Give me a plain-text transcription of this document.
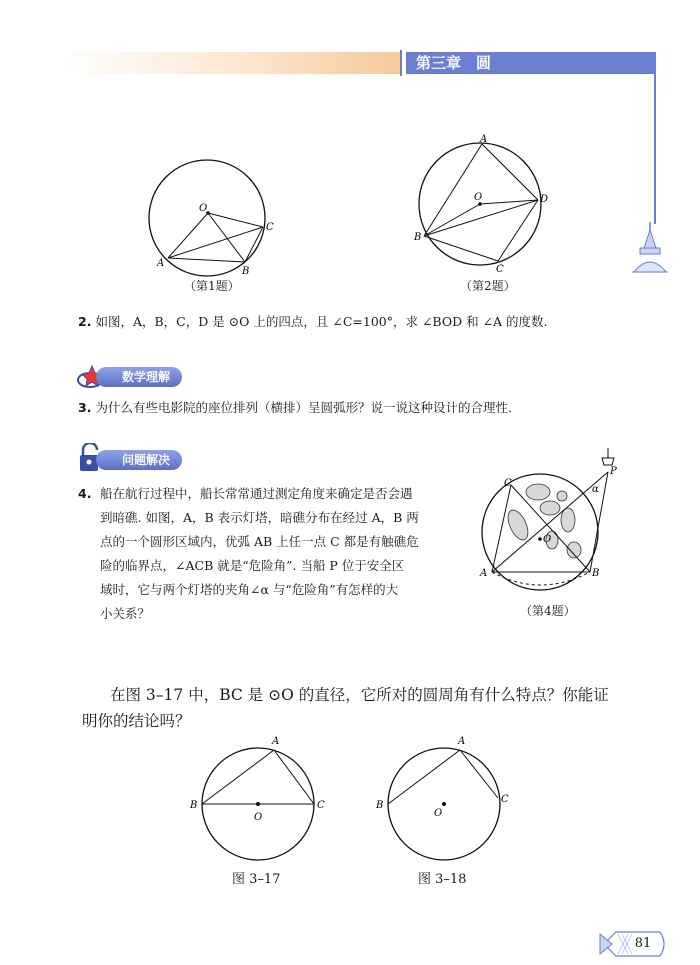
第三章　圆
O
A
B
C
（第1题）
A
O	D
B
C
（第2题）
2. 如图，A，B，C，D 是 ⊙O 上的四点，且 ∠C=100°，求 ∠BOD 和 ∠A 的度数.
数学理解
3. 为什么有些电影院的座位排列（横排）呈圆弧形？说一说这种设计的合理性.
问题解决
4. 船在航行过程中，船长常常通过测定角度来确定是否会遇
到暗礁. 如图，A，B 表示灯塔，暗礁分布在经过 A，B 两
点的一个圆形区域内，优弧 AB 上任一点 C 都是有触礁危
险的临界点，∠ACB 就是“危险角”. 当船 P 位于安全区
域时，它与两个灯塔的夹角∠α 与“危险角”有怎样的大
小关系？
C
O
A	B
P
α
（第4题）
在图 3–17 中，BC 是 ⊙O 的直径，它所对的圆周角有什么特点？你能证
明你的结论吗？
A
B	C
O
图 3–17
A
B
C
O
图 3–18
81
